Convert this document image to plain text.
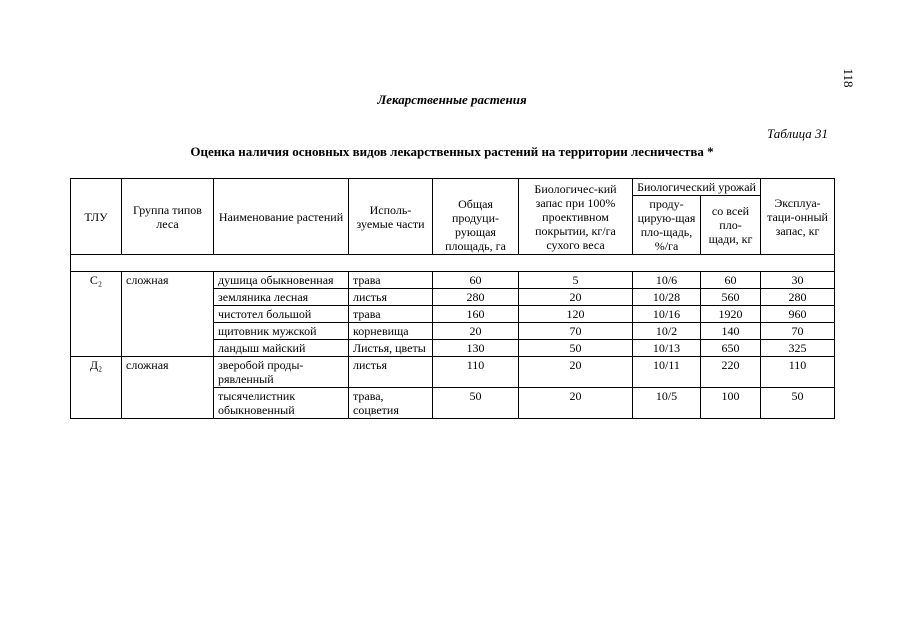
118
Лекарственные растения
Таблица 31
Оценка наличия основных видов лекарственных растений на территории лесничества *
ТЛУ	Группа типов леса	Наименование растений	Исполь-зуемые части	Общая продуци-рующая площадь, га	Биологичес-кий запас при 100% проективном покрытии, кг/га сухого веса	Биологический урожай		Эксплуа-таци-онный запас, кг
						проду-цирую-щая пло-щадь, %/га	со всей пло-щади, кг	

С₂	сложная	душица обыкновенная	трава	60	5	10/6	60	30
		земляника лесная	листья	280	20	10/28	560	280
		чистотел большой	трава	160	120	10/16	1920	960
		щитовник мужской	корневища	20	70	10/2	140	70
		ландыш майский	Листья, цветы	130	50	10/13	650	325
Д₂	сложная	зверобой проды-рявленный	листья	110	20	10/11	220	110
		тысячелистник обыкновенный	трава, соцветия	50	20	10/5	100	50
